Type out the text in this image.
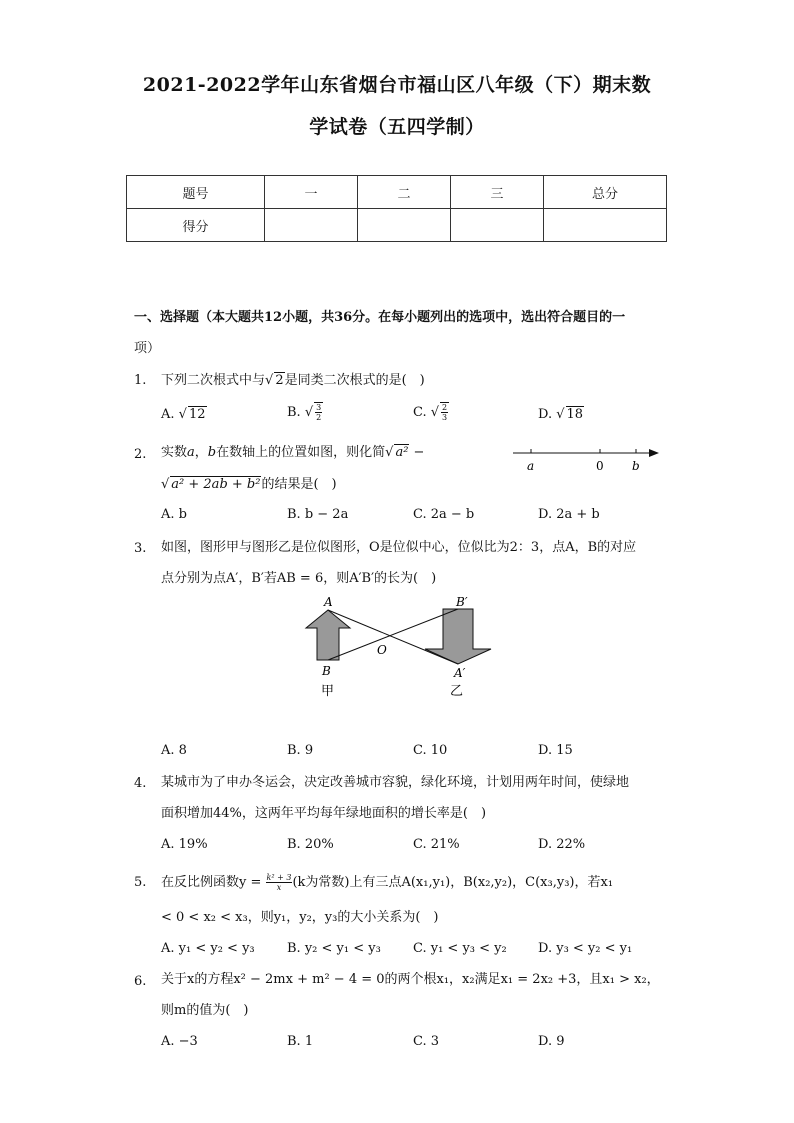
2021-2022学年山东省烟台市福山区八年级（下）期末数
学试卷（五四学制）
题号	一	二	三	总分
得分				
一、选择题（本大题共12小题，共36分。在每小题列出的选项中，选出符合题目的一
项）
1. 下列二次根式中与√ 2是同类二次根式的是(　)
A. √ 12	B. √ $\frac{3}{2}$	C. √ $\frac{2}{3}$	D. √ 18
2. 实数a，b在数轴上的位置如图，则化简√ a² −
√ a² + 2ab + b²的结果是(　)
a	0 b
A. b	B. b − 2a	C. 2a − b	D. 2a + b
3. 如图，图形甲与图形乙是位似图形，O是位似中心，位似比为2：3，点A，B的对应
点分别为点A′，B′若AB = 6，则A′B′的长为(　)
A
B
O
B′
A′
甲	乙
A. 8	B. 9	C. 10	D. 15
4. 某城市为了申办冬运会，决定改善城市容貌，绿化环境，计划用两年时间，使绿地
面积增加44%，这两年平均每年绿地面积的增长率是(　)
A. 19%	B. 20%	C. 21%	D. 22%
5. 在反比例函数$y = \frac{\text{k² + 3}}{x} (k$为常数)上有三点A(x₁,y₁)，B(x₂,y₂)，C(x₃,y₃)，若x₁
< 0 < x₂ < x₃，则y₁，y₂，y₃的大小关系为(　)
A. y₁ < y₂ < y₃ B. y₂ < y₁ < y₃ C. y₁ < y₃ < y₂ D. y₃ < y₂ < y₁
6. 关于x的方程x² − 2mx + m² − 4 = 0的两个根x₁，x₂满足x₁ = 2x₂ +3，且x₁ > x₂，
则m的值为(　)
A. −3	B. 1	C. 3	D. 9
